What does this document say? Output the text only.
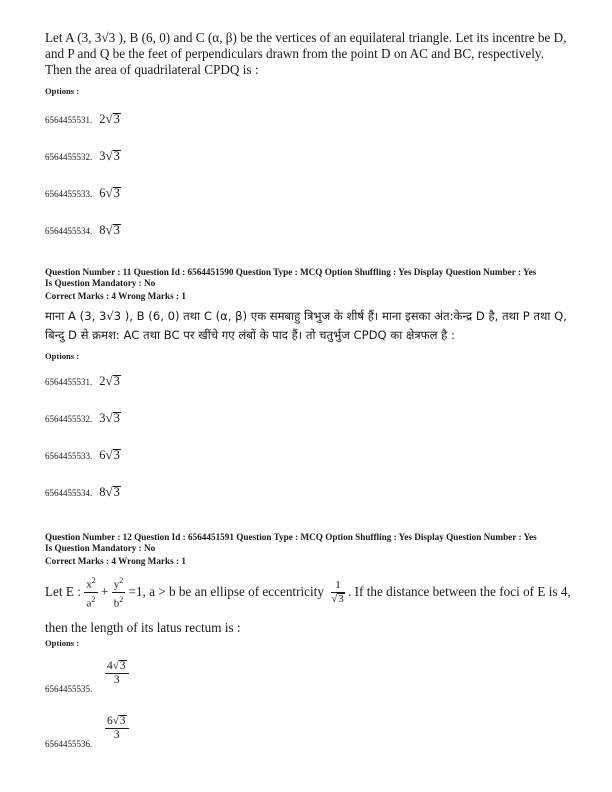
Let A (3, 3√3 ), B (6, 0) and C (α, β) be the vertices of an equilateral triangle. Let its incentre be D,
and P and Q be the feet of perpendiculars drawn from the point D on AC and BC, respectively.
Then the area of quadrilateral CPDQ is :
Options :
6564455531. 2√3
6564455532. 3√3
6564455533. 6√3
6564455534. 8√3
Question Number : 11 Question Id : 6564451590 Question Type : MCQ Option Shuffling : Yes Display Question Number : Yes
Is Question Mandatory : No
Correct Marks : 4 Wrong Marks : 1
माना A (3, 3√3 ), B (6, 0) तथा C (α, β) एक समबाहु त्रिभुज के शीर्ष हैं। माना इसका अंत:केन्द्र D है, तथा P तथा Q,
बिन्दु D से क्रमश: AC तथा BC पर खींचे गए लंबों के पाद हैं। तो चतुर्भुज CPDQ का क्षेत्रफल है :
Options :
6564455531. 2√3
6564455532. 3√3
6564455533. 6√3
6564455534. 8√3
Question Number : 12 Question Id : 6564451591 Question Type : MCQ Option Shuffling : Yes Display Question Number : Yes
Is Question Mandatory : No
Correct Marks : 4 Wrong Marks : 1
Let E : $\frac{x^2}{a^2} + \frac{y^2}{b^2} =1$, a > b be an ellipse of eccentricity $\frac{1}{√3}$ . If the distance between the foci of E is 4,
then the length of its latus rectum is :
Options :
6564455535.
$\frac{4√3}{3}$
6564455536.
$\frac{6√3}{3}$
